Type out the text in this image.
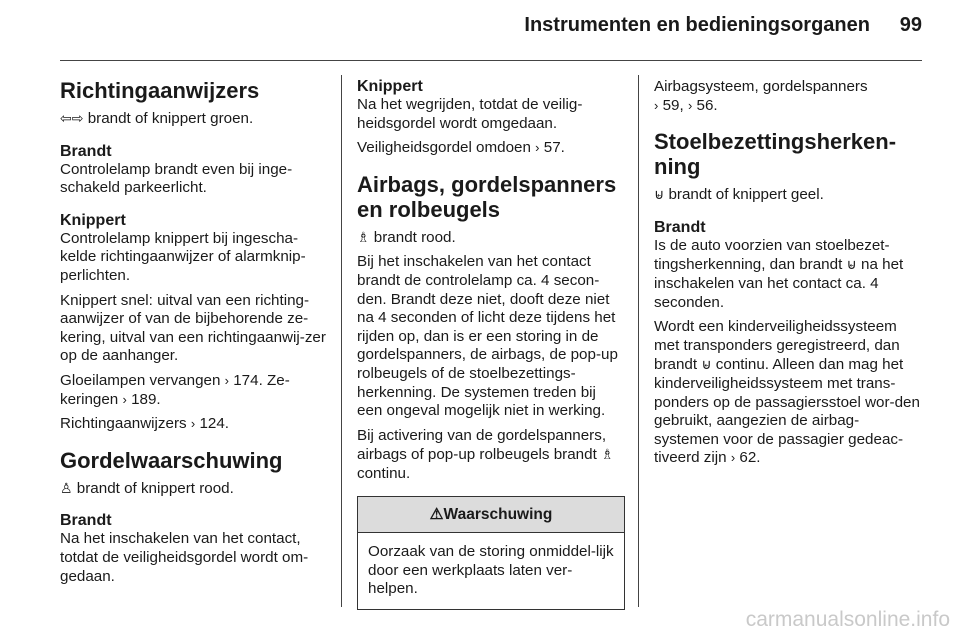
Instrumenten en bedieningsorganen	99
Richtingaanwijzers

⇦⇨ brandt of knippert groen.

Brandt

Controlelamp brandt even bij inge-schakeld parkeerlicht.

Knippert

Controlelamp knippert bij ingescha-kelde richtingaanwijzer of alarmknip-perlichten.

Knippert snel: uitval van een richting-aanwijzer of van de bijbehorende ze-kering, uitval van een richtingaanwij-zer op de aanhanger.

Gloeilampen vervangen › 174. Ze-keringen › 189.

Richtingaanwijzers › 124.

Gordelwaarschuwing

♙ brandt of knippert rood.

Brandt

Na het inschakelen van het contact, totdat de veiligheidsgordel wordt om-gedaan.

Knippert

Na het wegrijden, totdat de veilig-heidsgordel wordt omgedaan.

Veiligheidsgordel omdoen › 57.

Airbags, gordelspanners en rolbeugels

♗ brandt rood.

Bij het inschakelen van het contact brandt de controlelamp ca. 4 secon-den. Brandt deze niet, dooft deze niet na 4 seconden of licht deze tijdens het rijden op, dan is er een storing in de gordelspanners, de airbags, de pop-up rolbeugels of de stoelbezettings-herkenning. De systemen treden bij een ongeval mogelijk niet in werking.

Bij activering van de gordelspanners, airbags of pop-up rolbeugels brandt ♗ continu.

⚠Waarschuwing
Oorzaak van de storing onmiddel-lijk door een werkplaats laten ver-helpen.

Airbagsysteem, gordelspanners
› 59, › 56.

Stoelbezettingsherken-ning

⊌ brandt of knippert geel.

Brandt

Is de auto voorzien van stoelbezet-tingsherkenning, dan brandt ⊌ na het inschakelen van het contact ca. 4 seconden.

Wordt een kinderveiligheidssysteem met transponders geregistreerd, dan brandt ⊌ continu. Alleen dan mag het kinderveiligheidssysteem met trans-ponders op de passagiersstoel wor-den gebruikt, aangezien de airbag-systemen voor de passagier gedeac-tiveerd zijn › 62.

carmanualsonline.info
